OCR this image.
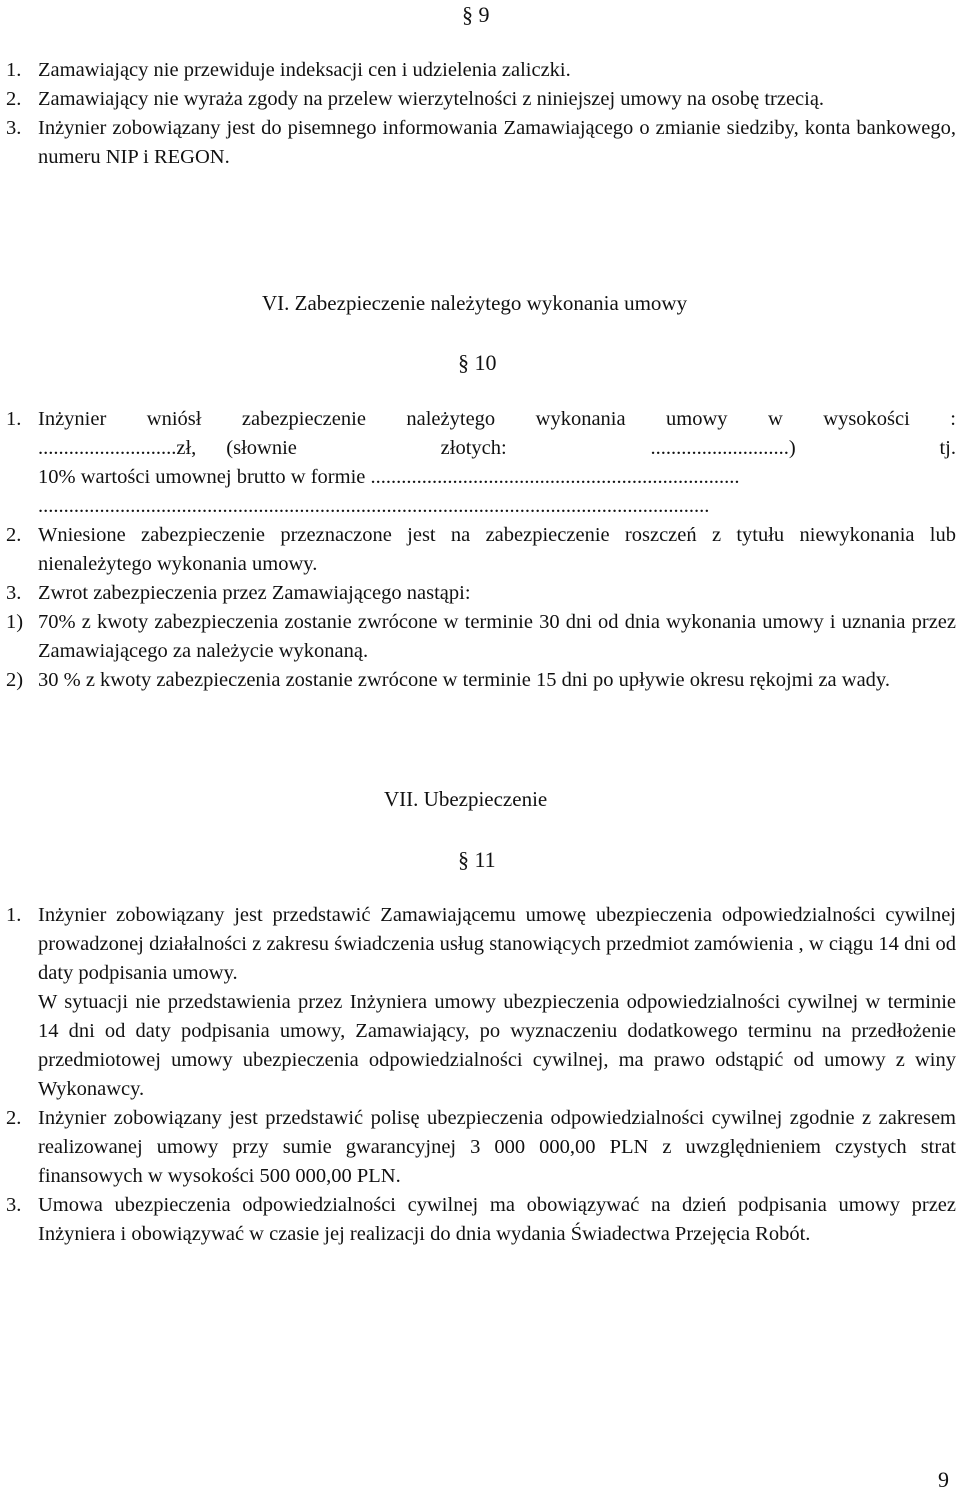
§ 9
1. Zamawiający nie przewiduje indeksacji cen i udzielenia zaliczki.
2. Zamawiający nie wyraża zgody na przelew wierzytelności z niniejszej umowy na osobę trzecią.
3. Inżynier zobowiązany jest do pisemnego informowania Zamawiającego o zmianie siedziby, konta bankowego, numeru NIP i REGON.
VI. Zabezpieczenie należytego wykonania umowy
§ 10
1. Inżynier wniósł zabezpieczenie należytego wykonania umowy w wysokości :
...........................zł, (słownie złotych: ...........................) tj.
10% wartości umownej brutto w formie ........................................................................
...................................................................................................................................
2. Wniesione zabezpieczenie przeznaczone jest na zabezpieczenie roszczeń z tytułu niewykonania lub nienależytego wykonania umowy.
3. Zwrot zabezpieczenia przez Zamawiającego nastąpi:
1) 70% z kwoty zabezpieczenia zostanie zwrócone w terminie 30 dni od dnia wykonania umowy i uznania przez Zamawiającego za należycie wykonaną.
2) 30 % z kwoty zabezpieczenia zostanie zwrócone w terminie 15 dni po upływie okresu rękojmi za wady.
VII. Ubezpieczenie
§ 11
1. Inżynier zobowiązany jest przedstawić Zamawiającemu umowę ubezpieczenia odpowiedzialności cywilnej prowadzonej działalności z zakresu świadczenia usług stanowiących przedmiot zamówienia , w ciągu 14 dni od daty podpisania umowy.
W sytuacji nie przedstawienia przez Inżyniera umowy ubezpieczenia odpowiedzialności cywilnej w terminie 14 dni od daty podpisania umowy, Zamawiający, po wyznaczeniu dodatkowego terminu na przedłożenie przedmiotowej umowy ubezpieczenia odpowiedzialności cywilnej, ma prawo odstąpić od umowy z winy Wykonawcy.
2. Inżynier zobowiązany jest przedstawić polisę ubezpieczenia odpowiedzialności cywilnej zgodnie z zakresem realizowanej umowy przy sumie gwarancyjnej 3 000 000,00 PLN z uwzględnieniem czystych strat finansowych w wysokości 500 000,00 PLN.
3. Umowa ubezpieczenia odpowiedzialności cywilnej ma obowiązywać na dzień podpisania umowy przez Inżyniera i obowiązywać w czasie jej realizacji do dnia wydania Świadectwa Przejęcia Robót.
9
